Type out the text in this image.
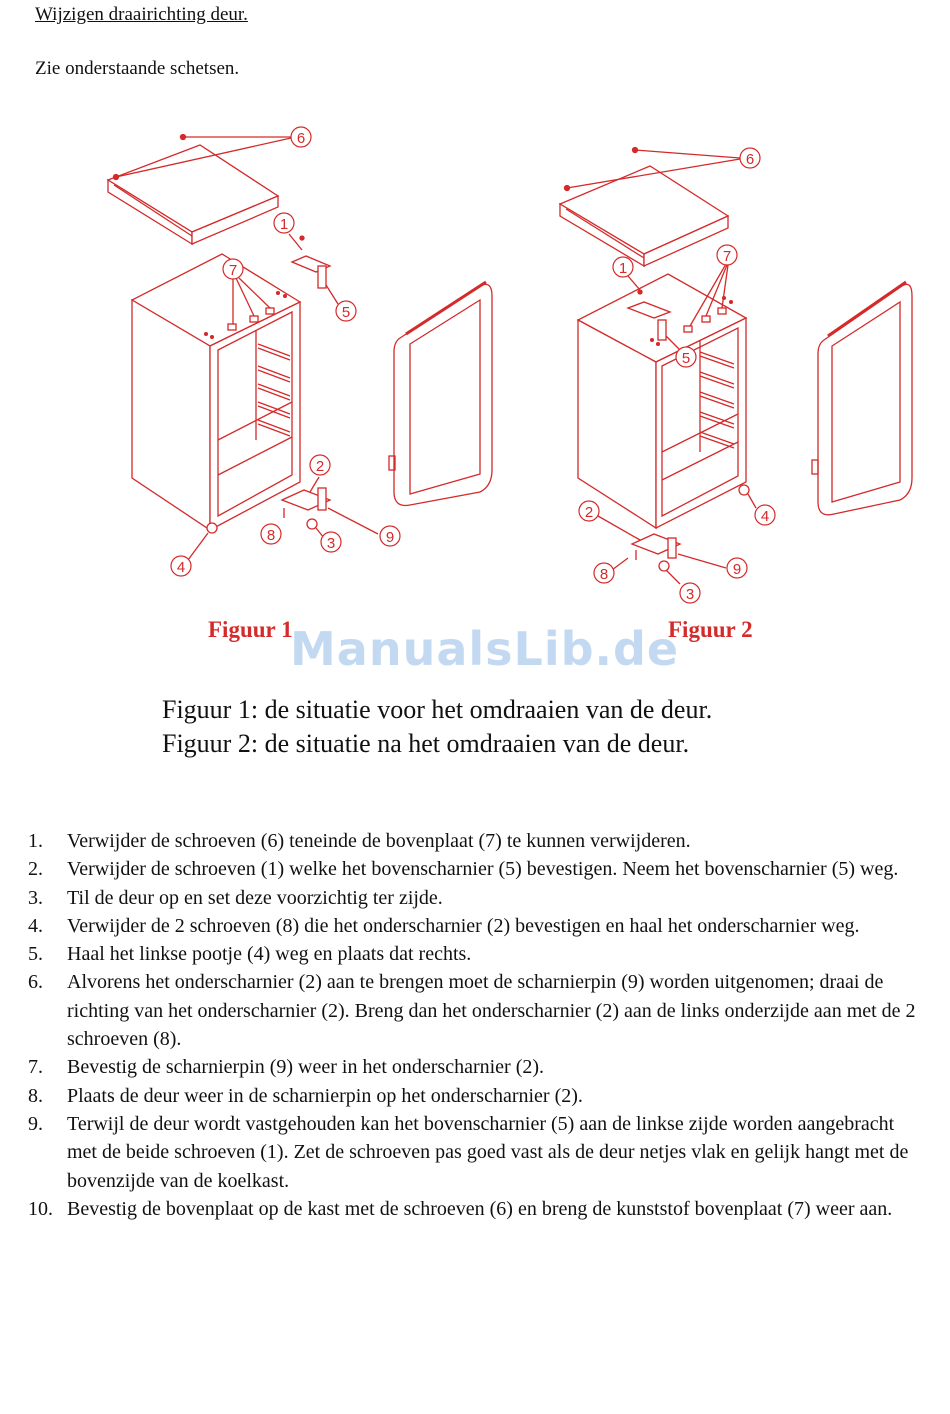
Wijzigen draairichting deur.
Zie onderstaande schetsen.
6
1
7
5
2
9
8	3
4
6
7
1
5
2
9
8
3
4
Figuur 1	Figuur 2
ManualsLib.de
Figuur 1: de situatie voor het omdraaien van de deur.
Figuur 2: de situatie na het omdraaien van de deur.
1. Verwijder de schroeven (6) teneinde de bovenplaat (7) te kunnen verwijderen.
2. Verwijder de schroeven (1) welke het bovenscharnier (5) bevestigen. Neem het bovenscharnier (5) weg.
3. Til de deur op en set deze voorzichtig ter zijde.
4. Verwijder de 2 schroeven (8) die het onderscharnier (2) bevestigen en haal het onderscharnier weg.
5. Haal het linkse pootje (4) weg en plaats dat rechts.
6. Alvorens het onderscharnier (2) aan te brengen moet de scharnierpin (9) worden uitgenomen; draai de richting van het onderscharnier (2). Breng dan het onderscharnier (2) aan de links onderzijde aan met de 2 schroeven (8).
7. Bevestig de scharnierpin (9) weer in het onderscharnier (2).
8. Plaats de deur weer in de scharnierpin op het onderscharnier (2).
9. Terwijl de deur wordt vastgehouden kan het bovenscharnier (5) aan de linkse zijde worden aangebracht met de beide schroeven (1). Zet de schroeven pas goed vast als de deur netjes vlak en gelijk hangt met de bovenzijde van de koelkast.
10. Bevestig de bovenplaat op de kast met de schroeven (6) en breng de kunststof bovenplaat (7) weer aan.
